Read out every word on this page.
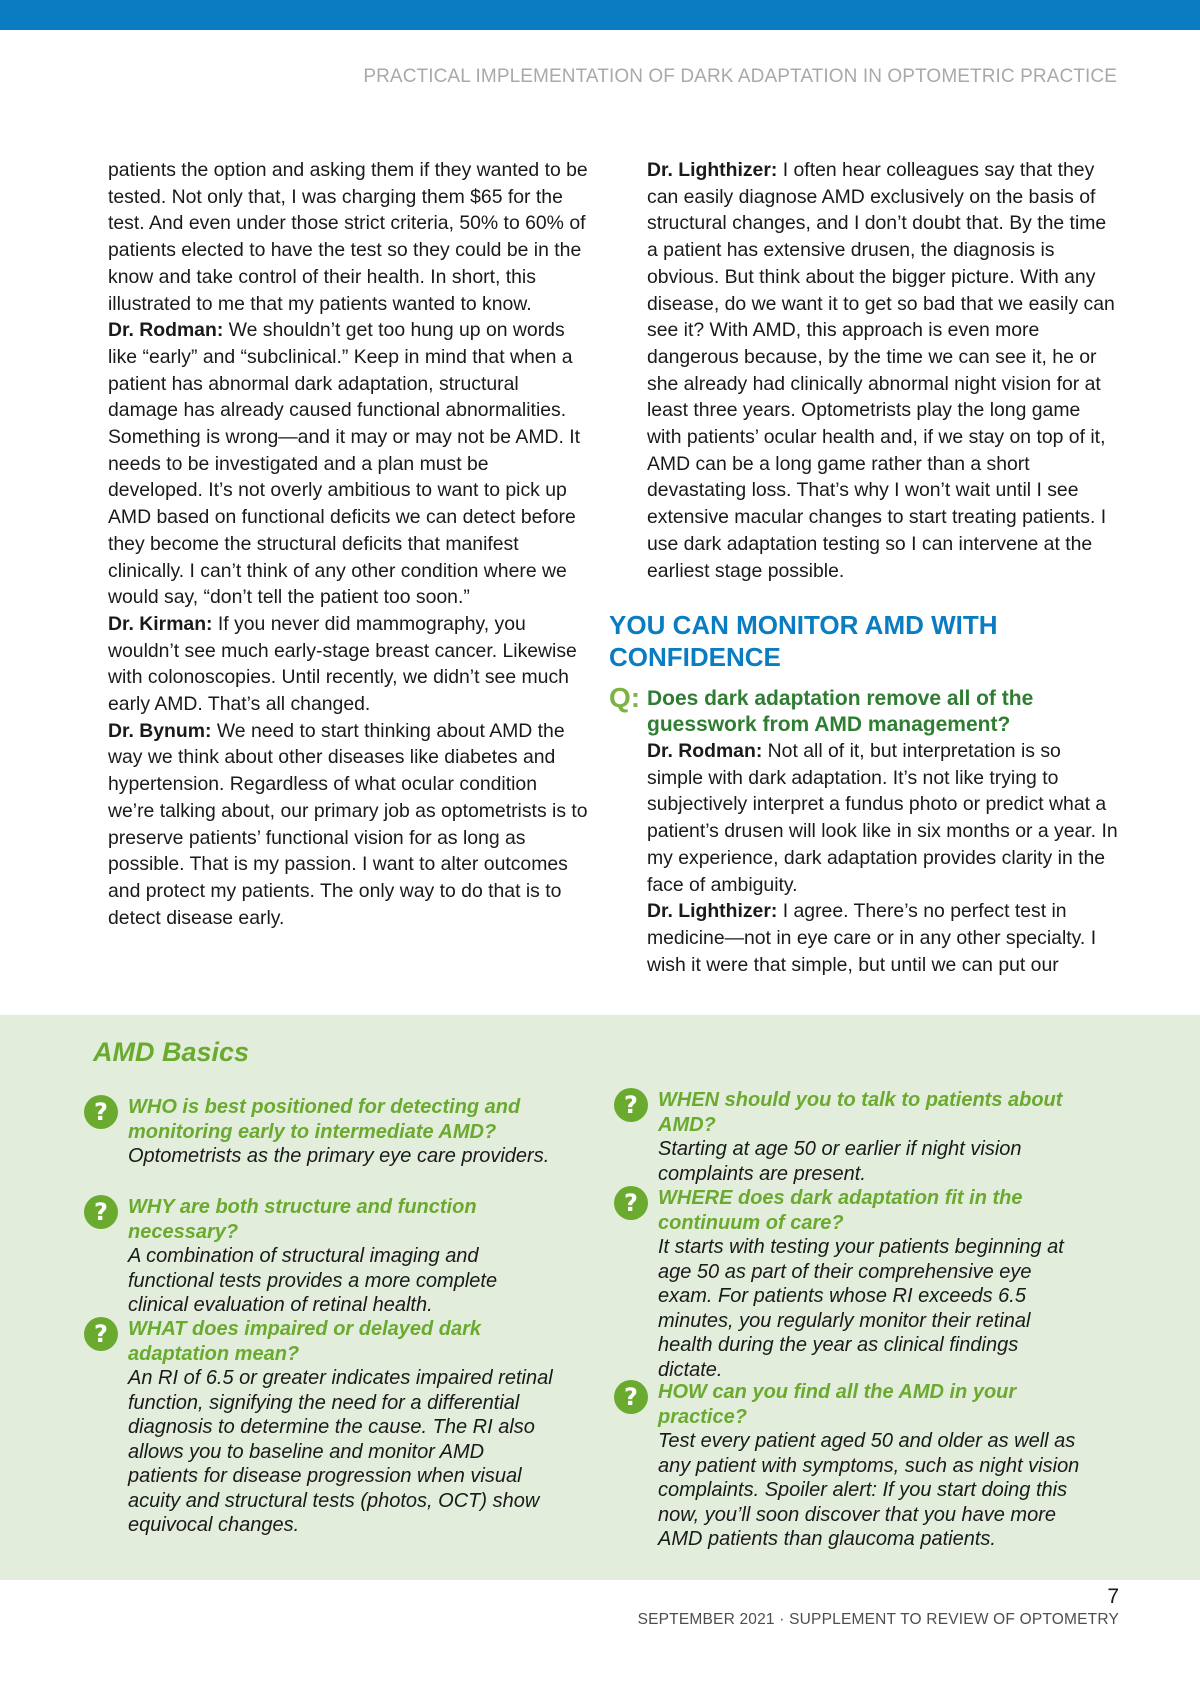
PRACTICAL IMPLEMENTATION OF DARK ADAPTATION IN OPTOMETRIC PRACTICE

patients the option and asking them if they wanted to be tested. Not only that, I was charging them $65 for the test. And even under those strict criteria, 50% to 60% of patients elected to have the test so they could be in the know and take control of their health. In short, this illustrated to me that my patients wanted to know.

Dr. Rodman: We shouldn’t get too hung up on words like “early” and “subclinical.” Keep in mind that when a patient has abnormal dark adaptation, structural damage has already caused functional abnormalities. Something is wrong—and it may or may not be AMD. It needs to be investigated and a plan must be developed. It’s not overly ambitious to want to pick up AMD based on functional deficits we can detect before they become the structural deficits that manifest clinically. I can’t think of any other condition where we would say, “don’t tell the patient too soon.”

Dr. Kirman: If you never did mammography, you wouldn’t see much early-stage breast cancer. Likewise with colonoscopies. Until recently, we didn’t see much early AMD. That’s all changed.

Dr. Bynum: We need to start thinking about AMD the way we think about other diseases like diabetes and hypertension. Regardless of what ocular condition we’re talking about, our primary job as optometrists is to preserve patients’ functional vision for as long as possible. That is my passion. I want to alter outcomes and protect my patients. The only way to do that is to detect disease early.

Dr. Lighthizer: I often hear colleagues say that they can easily diagnose AMD exclusively on the basis of structural changes, and I don’t doubt that. By the time a patient has extensive drusen, the diagnosis is obvious. But think about the bigger picture. With any disease, do we want it to get so bad that we easily can see it? With AMD, this approach is even more dangerous because, by the time we can see it, he or she already had clinically abnormal night vision for at least three years. Optometrists play the long game with patients’ ocular health and, if we stay on top of it, AMD can be a long game rather than a short devastating loss. That’s why I won’t wait until I see extensive macular changes to start treating patients. I use dark adaptation testing so I can intervene at the earliest stage possible.

YOU CAN MONITOR AMD WITH CONFIDENCE
Q: Does dark adaptation remove all of the guesswork from AMD management?

Dr. Rodman: Not all of it, but interpretation is so simple with dark adaptation. It’s not like trying to subjectively interpret a fundus photo or predict what a patient’s drusen will look like in six months or a year. In my experience, dark adaptation provides clarity in the face of ambiguity.

Dr. Lighthizer: I agree. There’s no perfect test in medicine—not in eye care or in any other specialty. I wish it were that simple, but until we can put our

AMD Basics
?	WHO is best positioned for detecting and monitoring early to intermediate AMD?

Optometrists as the primary eye care providers.

?	WHY are both structure and function necessary?

A combination of structural imaging and functional tests provides a more complete clinical evaluation of retinal health.

?	WHAT does impaired or delayed dark adaptation mean?

An RI of 6.5 or greater indicates impaired retinal function, signifying the need for a differential diagnosis to determine the cause. The RI also allows you to baseline and monitor AMD patients for disease progression when visual acuity and structural tests (photos, OCT) show equivocal changes.

?	WHEN should you to talk to patients about AMD?

Starting at age 50 or earlier if night vision complaints are present.

?	WHERE does dark adaptation fit in the continuum of care?

It starts with testing your patients beginning at age 50 as part of their comprehensive eye exam. For patients whose RI exceeds 6.5 minutes, you regularly monitor their retinal health during the year as clinical findings dictate.

?	HOW can you find all the AMD in your practice?

Test every patient aged 50 and older as well as any patient with symptoms, such as night vision complaints. Spoiler alert: If you start doing this now, you’ll soon discover that you have more AMD patients than glaucoma patients.

7
SEPTEMBER 2021 · SUPPLEMENT TO REVIEW OF OPTOMETRY
